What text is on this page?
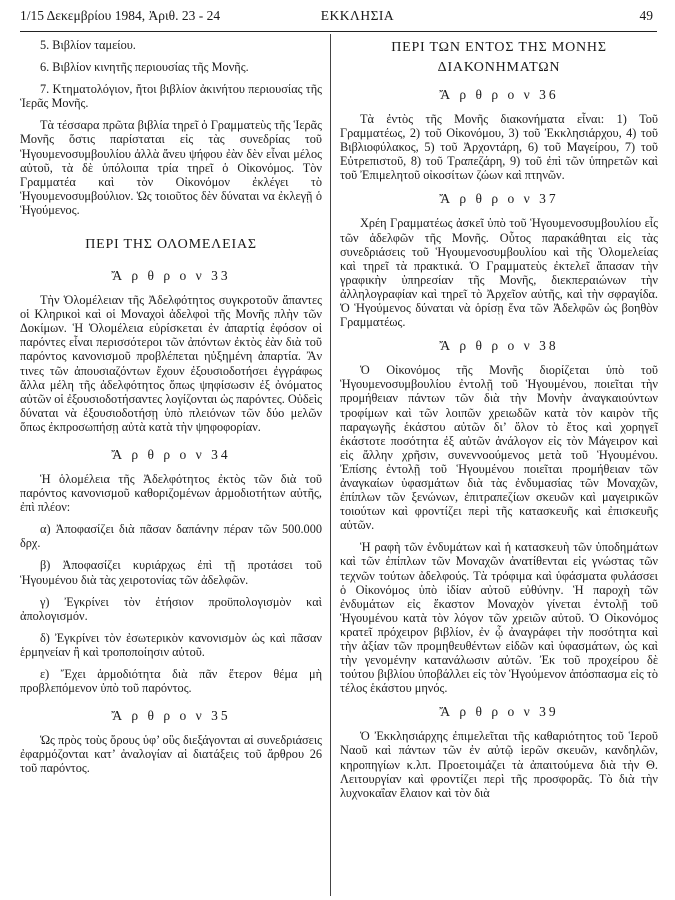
1/15 Δεκεμβρίου 1984, Ἀριθ. 23 - 24	ΕΚΚΛΗΣΙΑ	49

5. Βιβλίον ταμείου.

6. Βιβλίον κινητῆς περιουσίας τῆς Μονῆς.

7. Κτηματολόγιον, ἤτοι βιβλίον ἀκινήτου περιουσίας τῆς Ἱερᾶς Μονῆς.

Τὰ τέσσαρα πρῶτα βιβλία τηρεῖ ὁ Γραμματεὺς τῆς Ἱερᾶς Μονῆς ὅστις παρίσταται εἰς τὰς συνεδρίας τοῦ Ἡγουμενοσυμβουλίου ἀλλὰ ἄνευ ψήφου ἐὰν δὲν εἶναι μέλος αὐτοῦ, τὰ δὲ ὑπόλοιπα τρία τηρεῖ ὁ Οἰκονόμος. Τὸν Γραμματέα καὶ τὸν Οἰκονόμον ἐκλέγει τὸ Ἡγουμενοσυμβούλιον. Ὡς τοιοῦτος δὲν δύναται να ἐκλεγῇ ὁ Ἡγούμενος.

ΠΕΡΙ ΤΗΣ ΟΛΟΜΕΛΕΙΑΣ

Ἄ ρ θ ρ ο ν 33

Τὴν Ὁλομέλειαν τῆς Ἀδελφότητος συγκροτοῦν ἅπαντες οἱ Κληρικοὶ καὶ οἱ Μοναχοὶ ἀδελφοὶ τῆς Μονῆς πλὴν τῶν Δοκίμων. Ἡ Ὁλομέλεια εὑρίσκεται ἐν ἀπαρτίᾳ ἐφόσον οἱ παρόντες εἶναι περισσότεροι τῶν ἀπόντων ἐκτὸς ἐὰν διὰ τοῦ παρόντος κανονισμοῦ προβλέπεται ηὐξημένη ἀπαρτία. Ἂν τινες τῶν ἀπουσιαζόντων ἔχουν ἐξουσιοδοτήσει ἐγγράφως ἄλλα μέλη τῆς ἀδελφότητος ὅπως ψηφίσωσιν ἐξ ὀνόματος αὐτῶν οἱ ἐξουσιοδοτήσαντες λογίζονται ὡς παρόντες. Οὐδεὶς δύναται νὰ ἐξουσιοδοτήσῃ ὑπὸ πλειόνων τῶν δύο μελῶν ὅπως ἐκπροσωπήσῃ αὐτὰ κατὰ τὴν ψηφοφορίαν.

Ἄ ρ θ ρ ο ν 34

Ἡ ὁλομέλεια τῆς Ἀδελφότητος ἐκτὸς τῶν διὰ τοῦ παρόντος κανονισμοῦ καθοριζομένων ἁρμοδιοτήτων αὐτῆς, ἐπὶ πλέον:

α) Ἀποφασίζει διὰ πᾶσαν δαπάνην πέραν τῶν 500.000 δρχ.

β) Ἀποφασίζει κυριάρχως ἐπὶ τῇ προτάσει τοῦ Ἡγουμένου διὰ τὰς χειροτονίας τῶν ἀδελφῶν.

γ) Ἐγκρίνει τὸν ἐτήσιον προϋπολογισμὸν καὶ ἀπολογισμόν.

δ) Ἐγκρίνει τὸν ἐσωτερικὸν κανονισμὸν ὡς καὶ πᾶσαν ἑρμηνείαν ἢ καὶ τροποποίησιν αὐτοῦ.

ε) Ἔχει ἁρμοδιότητα διὰ πᾶν ἕτερον θέμα μὴ προβλεπόμενον ὑπὸ τοῦ παρόντος.

Ἄ ρ θ ρ ο ν 35

Ὡς πρὸς τοὺς ὅρους ὑφ’ οὓς διεξάγονται αἱ συνεδριάσεις ἐφαρμόζονται κατ’ ἀναλογίαν αἱ διατάξεις τοῦ ἄρθρου 26 τοῦ παρόντος.

ΠΕΡΙ ΤΩΝ ΕΝΤΟΣ ΤΗΣ ΜΟΝΗΣ

ΔΙΑΚΟΝΗΜΑΤΩΝ

Ἄ ρ θ ρ ο ν 36

Τὰ ἐντὸς τῆς Μονῆς διακονήματα εἶναι: 1) Τοῦ Γραμματέως, 2) τοῦ Οἰκονόμου, 3) τοῦ Ἐκκλησιάρχου, 4) τοῦ Βιβλιοφύλακος, 5) τοῦ Ἀρχοντάρη, 6) τοῦ Μαγείρου, 7) τοῦ Εὐτρεπιστοῦ, 8) τοῦ Τραπεζάρη, 9) τοῦ ἐπὶ τῶν ὑπηρετῶν καὶ τοῦ Ἐπιμελητοῦ οἰκοσίτων ζώων καὶ πτηνῶν.

Ἄ ρ θ ρ ο ν 37

Χρέη Γραμματέως ἀσκεῖ ὑπὸ τοῦ Ἡγουμενοσυμβουλίου εἷς τῶν ἀδελφῶν τῆς Μονῆς. Οὗτος παρακάθηται εἰς τὰς συνεδριάσεις τοῦ Ἡγουμενοσυμβουλίου καὶ τῆς Ὁλομελείας καὶ τηρεῖ τὰ πρακτικά. Ὁ Γραμματεὺς ἐκτελεῖ ἅπασαν τὴν γραφικὴν ὑπηρεσίαν τῆς Μονῆς, διεκπεραιώνων τὴν ἀλληλογραφίαν καὶ τηρεῖ τὸ Ἀρχεῖον αὐτῆς, καὶ τὴν σφραγίδα. Ὁ Ἡγούμενος δύναται νὰ ὁρίσῃ ἕνα τῶν Ἀδελφῶν ὡς βοηθὸν Γραμματέως.

Ἄ ρ θ ρ ο ν 38

Ὁ Οἰκονόμος τῆς Μονῆς διορίζεται ὑπὸ τοῦ Ἡγουμενοσυμβουλίου ἐντολῇ τοῦ Ἡγουμένου, ποιεῖται τὴν προμήθειαν πάντων τῶν διὰ τὴν Μονὴν ἀναγκαιούντων τροφίμων καὶ τῶν λοιπῶν χρειωδῶν κατὰ τὸν καιρὸν τῆς παραγωγῆς ἑκάστου αὐτῶν δι’ ὅλον τὸ ἔτος καὶ χορηγεῖ ἑκάστοτε ποσότητα ἐξ αὐτῶν ἀνάλογον εἰς τὸν Μάγειρον καὶ εἰς ἄλλην χρῆσιν, συνεννοούμενος μετὰ τοῦ Ἡγουμένου. Ἐπίσης ἐντολῇ τοῦ Ἡγουμένου ποιεῖται προμήθειαν τῶν ἀναγκαίων ὑφασμάτων διὰ τὰς ἐνδυμασίας τῶν Μοναχῶν, ἐπίπλων τῶν ξενώνων, ἐπιτραπεζίων σκευῶν καὶ μαγειρικῶν τοιούτων καὶ φροντίζει περὶ τῆς κατασκευῆς καὶ ἐπισκευῆς αὐτῶν.

Ἡ ραφὴ τῶν ἐνδυμάτων καὶ ἡ κατασκευὴ τῶν ὑποδημάτων καὶ τῶν ἐπίπλων τῶν Μοναχῶν ἀνατίθενται εἰς γνώστας τῶν τεχνῶν τούτων ἀδελφούς. Τὰ τρόφιμα καὶ ὑφάσματα φυλάσσει ὁ Οἰκονόμος ὑπὸ ἰδίαν αὐτοῦ εὐθύνην. Ἡ παροχὴ τῶν ἐνδυμάτων εἰς ἕκαστον Μοναχὸν γίνεται ἐντολῇ τοῦ Ἡγουμένου κατὰ τὸν λόγον τῶν χρειῶν αὐτοῦ. Ὁ Οἰκονόμος κρατεῖ πρόχειρον βιβλίον, ἐν ᾧ ἀναγράφει τὴν ποσότητα καὶ τὴν ἀξίαν τῶν προμηθευθέντων εἰδῶν καὶ ὑφασμάτων, ὡς καὶ τὴν γενομένην κατανάλωσιν αὐτῶν. Ἐκ τοῦ προχείρου δὲ τούτου βιβλίου ὑποβάλλει εἰς τὸν Ἡγούμενον ἀπόσπασμα εἰς τὸ τέλος ἑκάστου μηνός.

Ἄ ρ θ ρ ο ν 39

Ὁ Ἐκκλησιάρχης ἐπιμελεῖται τῆς καθαριότητος τοῦ Ἱεροῦ Ναοῦ καὶ πάντων τῶν ἐν αὐτῷ ἱερῶν σκευῶν, κανδηλῶν, κηροπηγίων κ.λπ. Προετοιμάζει τὰ ἀπαιτούμενα διὰ τὴν Θ. Λειτουργίαν καὶ φροντίζει περὶ τῆς προσφορᾶς. Τὸ διὰ τὴν λυχνοκαΐαν ἔλαιον καὶ τὸν διὰ
